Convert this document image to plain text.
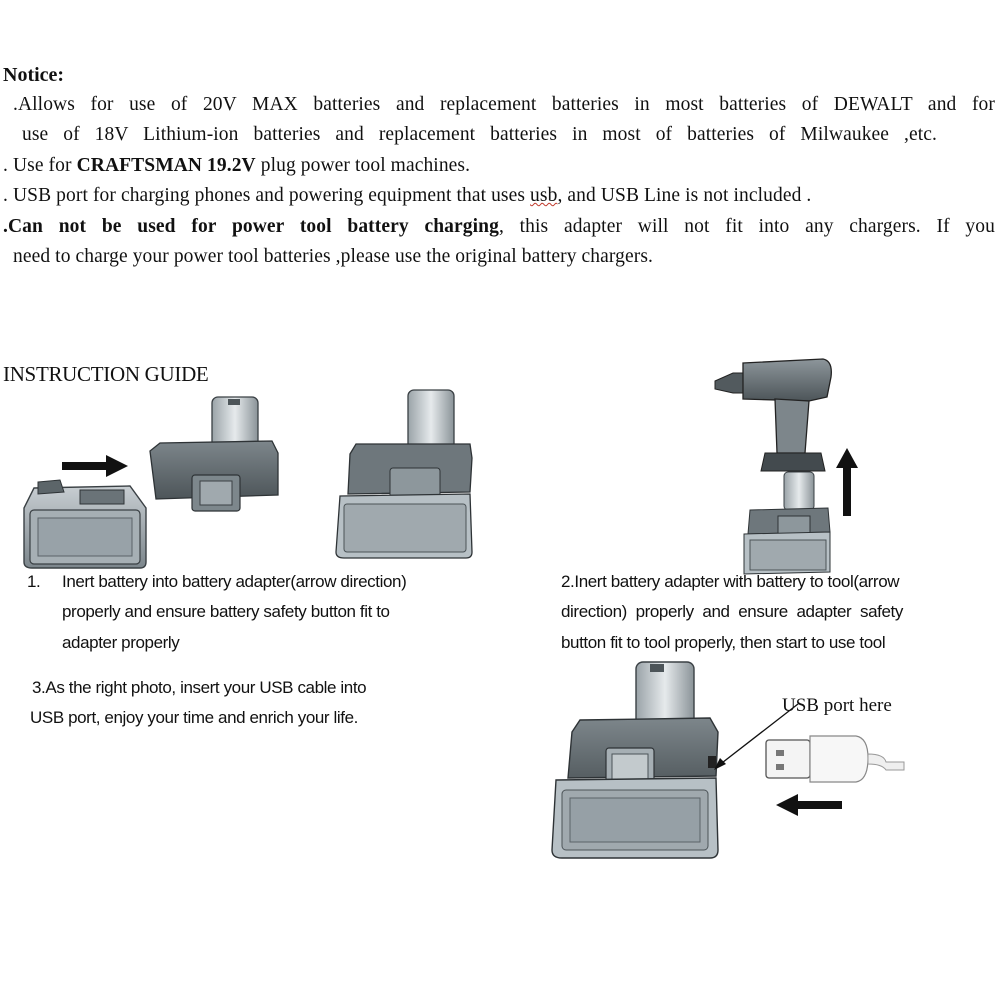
Notice:
.Allows for use of 20V MAX batteries and replacement batteries in most batteries of DEWALT and for
use of 18V Lithium-ion batteries and replacement batteries in most of batteries of Milwaukee ,etc.
. Use for CRAFTSMAN 19.2V plug power tool machines.
. USB port for charging phones and powering equipment that uses usb, and USB Line is not included .
.Can not be used for power tool battery charging, this adapter will not fit into any chargers. If you
need to charge your power tool batteries ,please use the original battery chargers.
INSTRUCTION GUIDE
1. Inert battery into battery adapter(arrow direction)
properly and ensure battery safety button fit to
adapter properly
2.Inert battery adapter with battery to tool(arrow
direction)  properly  and  ensure  adapter  safety
button fit to tool properly, then start to use tool
3.As the right photo, insert your USB cable into
USB port, enjoy your time and enrich your life.
USB port here
